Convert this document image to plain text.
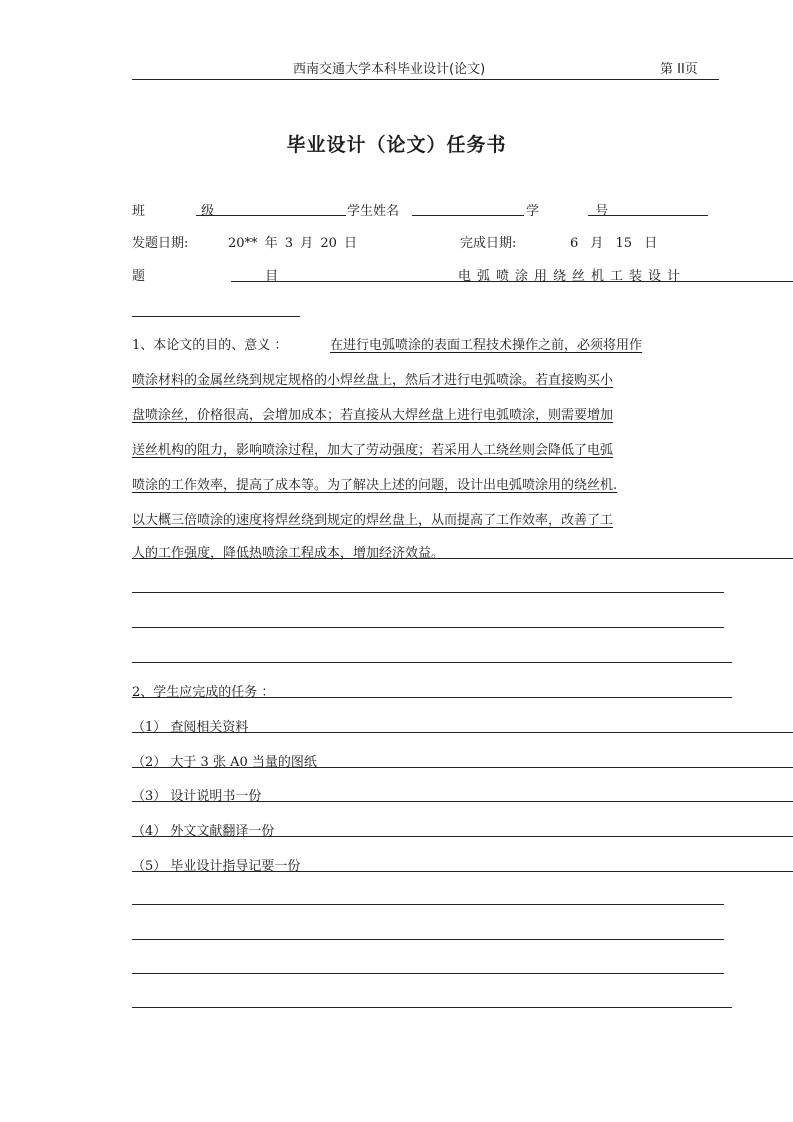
西南交通大学本科毕业设计(论文)	第 II页
毕业设计（论文）任务书
班 级	学生姓名	学 号
发题日期:	20** 年 3 月 20 日	完成日期:	6 月 15 日
题 目	电弧喷涂用绕丝机工装设计
1、本论文的目的、意义 ：	在进行电弧喷涂的表面工程技术操作之前，必须将用作
喷涂材料的金属丝绕到规定规格的小焊丝盘上，然后才进行电弧喷涂。若直接购买小
盘喷涂丝，价格很高，会增加成本；若直接从大焊丝盘上进行电弧喷涂，则需要增加
送丝机构的阻力，影响喷涂过程，加大了劳动强度；若采用人工绕丝则会降低了电弧
喷涂的工作效率，提高了成本等。为了解决上述的问题，设计出电弧喷涂用的绕丝机.
以大概三倍喷涂的速度将焊丝绕到规定的焊丝盘上，从而提高了工作效率，改善了工
人的工作强度，降低热喷涂工程成本，增加经济效益。
2、学生应完成的任务 ：
（1） 查阅相关资料
（2） 大于 3 张 A0 当量的图纸
（3） 设计说明书一份
（4） 外文文献翻译一份
（5） 毕业设计指导记要一份
